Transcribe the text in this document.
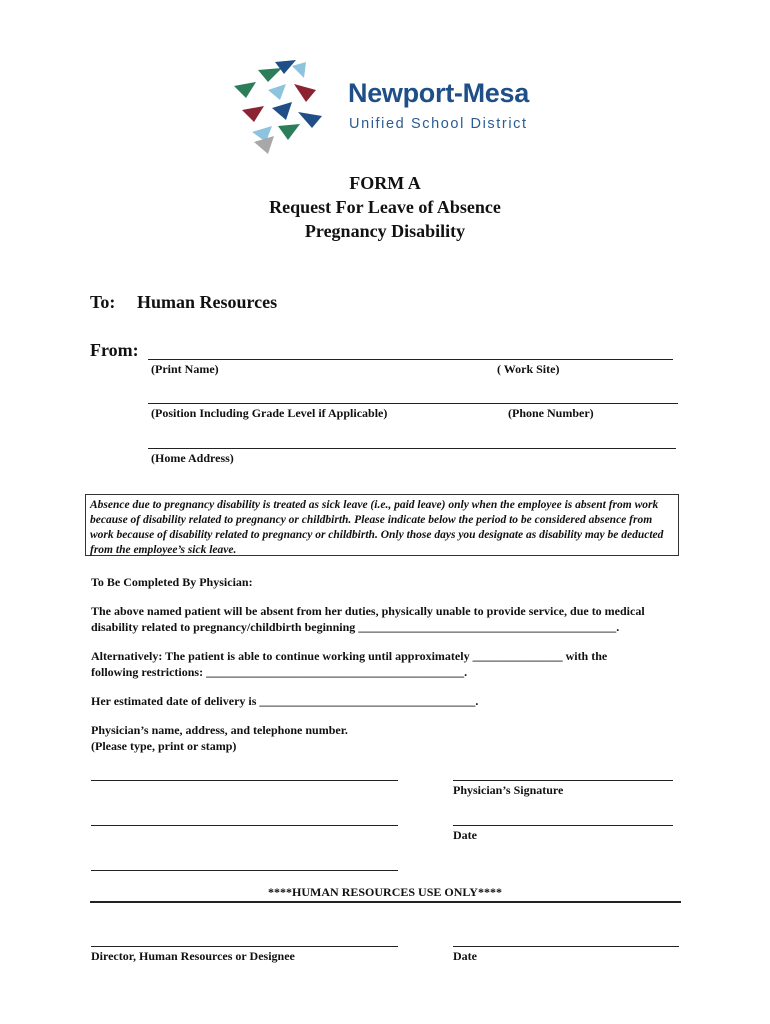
Newport-Mesa
Unified School District
FORM A
Request For Leave of Absence
Pregnancy Disability
To: Human Resources
From:
(Print Name)	( Work Site)
(Position Including Grade Level if Applicable)	(Phone Number)
(Home Address)
Absence due to pregnancy disability is treated as sick leave (i.e., paid leave) only when the employee is absent from work because of disability related to pregnancy or childbirth. Please indicate below the period to be considered absence from work because of disability related to pregnancy or childbirth. Only those days you designate as disability may be deducted from the employee’s sick leave.
To Be Completed By Physician:
The above named patient will be absent from her duties, physically unable to provide service, due to medical
disability related to pregnancy/childbirth beginning ___________________________________________.
Alternatively: The patient is able to continue working until approximately _______________ with the
following restrictions: ___________________________________________.
Her estimated date of delivery is ____________________________________.
Physician’s name, address, and telephone number.
(Please type, print or stamp)
Physician’s Signature
Date
****HUMAN RESOURCES USE ONLY****
Director, Human Resources or Designee	Date
